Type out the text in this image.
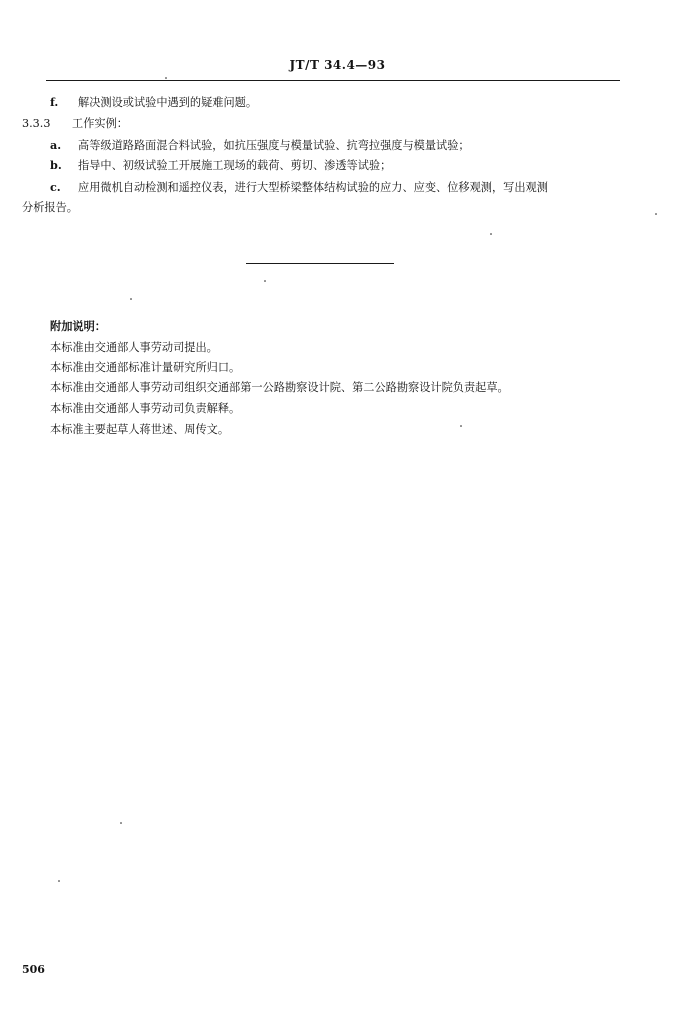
JT/T 34.4—93
f. 解决测设或试验中遇到的疑难问题。
3.3.3 工作实例：
a. 高等级道路路面混合料试验，如抗压强度与模量试验、抗弯拉强度与模量试验；
b. 指导中、初级试验工开展施工现场的载荷、剪切、渗透等试验；
c. 应用微机自动检测和遥控仪表，进行大型桥梁整体结构试验的应力、应变、位移观测，写出观测
分析报告。
附加说明：
本标准由交通部人事劳动司提出。
本标准由交通部标准计量研究所归口。
本标准由交通部人事劳动司组织交通部第一公路勘察设计院、第二公路勘察设计院负责起草。
本标准由交通部人事劳动司负责解释。
本标准主要起草人蒋世述、周传文。
506
